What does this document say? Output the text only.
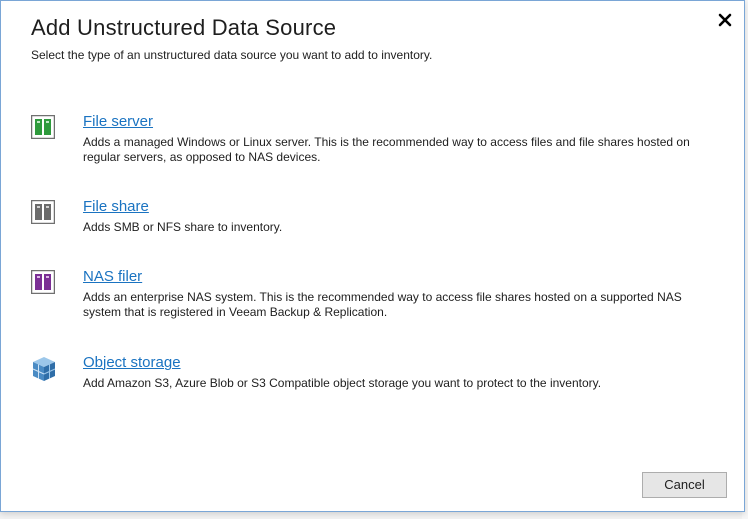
Add Unstructured Data Source
Select the type of an unstructured data source you want to add to inventory.
File server
Adds a managed Windows or Linux server. This is the recommended way to access files and file shares hosted on regular servers, as opposed to NAS devices.
File share
Adds SMB or NFS share to inventory.
NAS filer
Adds an enterprise NAS system. This is the recommended way to access file shares hosted on a supported NAS system that is registered in Veeam Backup & Replication.
Object storage
Add Amazon S3, Azure Blob or S3 Compatible object storage you want to protect to the inventory.
Cancel
